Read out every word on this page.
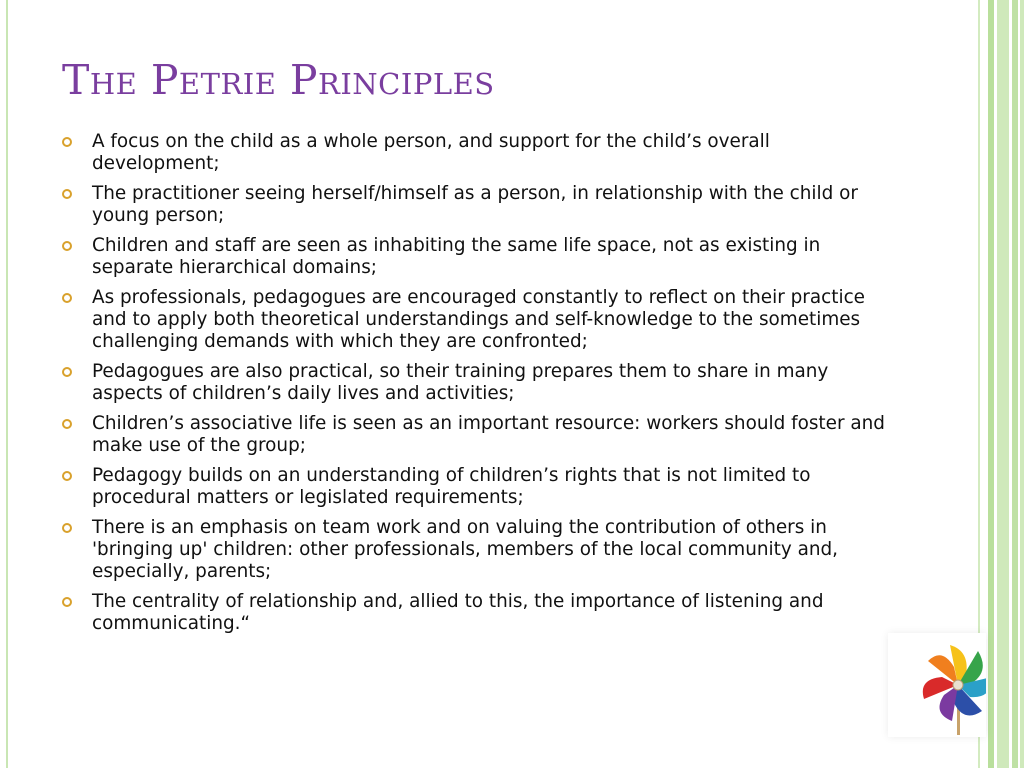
The Petrie Principles
A focus on the child as a whole person, and support for the child’s overall development;
The practitioner seeing herself/himself as a person, in relationship with the child or young person;
Children and staff are seen as inhabiting the same life space, not as existing in separate hierarchical domains;
As professionals, pedagogues are encouraged constantly to reflect on their practice and to apply both theoretical understandings and self-knowledge to the sometimes challenging demands with which they are confronted;
Pedagogues are also practical, so their training prepares them to share in many aspects of children’s daily lives and activities;
Children’s associative life is seen as an important resource: workers should foster and make use of the group;
Pedagogy builds on an understanding of children’s rights that is not limited to procedural matters or legislated requirements;
There is an emphasis on team work and on valuing the contribution of others in 'bringing up' children: other professionals, members of the local community and, especially, parents;
The centrality of relationship and, allied to this, the importance of listening and communicating.“
